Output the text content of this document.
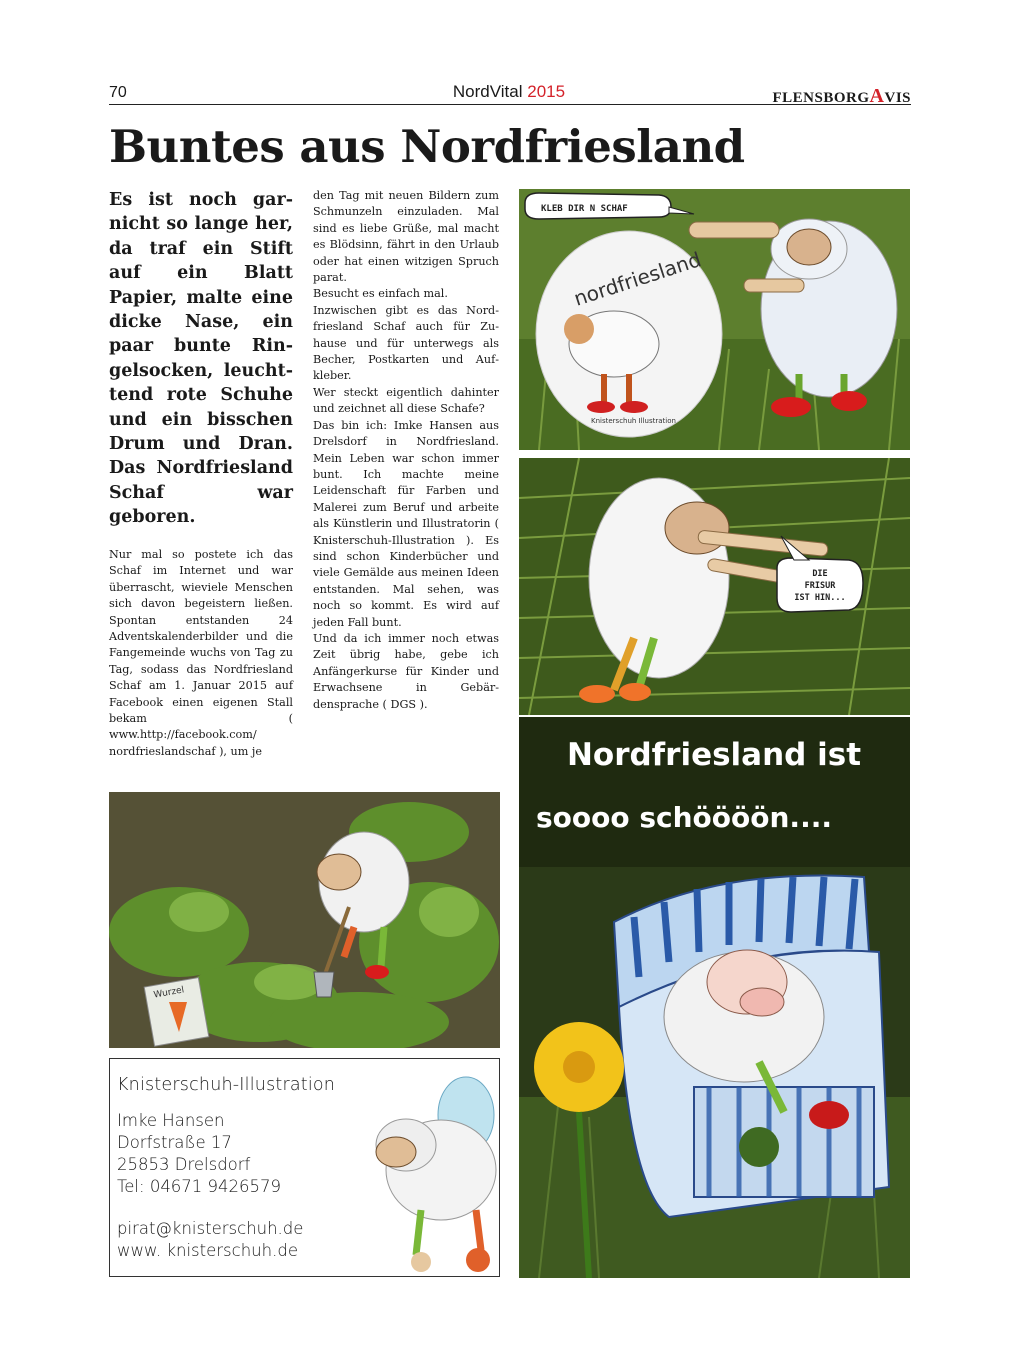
70	NordVital 2015	FLENSBORGAVIS
Buntes aus Nordfriesland

Es ist noch garnicht so lange her, da traf ein Stift auf ein Blatt Papier, malte eine dicke Nase, ein paar bunte Ringelsocken, leuchttend rote Schuhe und ein bisschen Drum und Dran. Das Nordfriesland Schaf war geboren.

Nur mal so postete ich das Schaf im Internet und war überrascht, wieviele Menschen sich davon begeistern ließen. Spontan entstanden 24 Adventskalenderbilder und die Fangemeinde wuchs von Tag zu Tag, sodass das Nordfriesland Schaf am 1. Januar 2015 auf Facebook einen eigenen Stall bekam ( www.http://facebook.com/ nordfrieslandschaf ), um je

den Tag mit neuen Bildern zum Schmunzeln einzuladen. Mal sind es liebe Grüße, mal macht es Blödsinn, fährt in den Urlaub oder hat einen witzigen Spruch parat.

Besucht es einfach mal.

Inzwischen gibt es das Nordfriesland Schaf auch für Zuhause und für unterwegs als Becher, Postkarten und Aufkleber.

Wer steckt eigentlich dahinter und zeichnet all diese Schafe?

Das bin ich: Imke Hansen aus Drelsdorf in Nordfriesland. Mein Leben war schon immer bunt. Ich machte meine Leidenschaft für Farben und Malerei zum Beruf und arbeite als Künstlerin und Illustratorin ( Knisterschuh-Illustration ). Es sind schon Kinderbücher und viele Gemälde aus meinen Ideen entstanden. Mal sehen, was noch so kommt. Es wird auf jeden Fall bunt.

Und da ich immer noch etwas Zeit übrig habe, gebe ich Anfängerkurse für Kinder und Erwachsene in Gebärdensprache ( DGS ).

nordfriesland
Knisterschuh Illustration
KLEB DIR N SCHAF
DIE
FRISUR
IST HIN...
Nordfriesland ist
soooo schöööön....
Wurzel
Knisterschuh-Illustration
Imke Hansen
Dorfstraße 17
25853 Drelsdorf
Tel: 04671 9426579
pirat@knisterschuh.de
www. knisterschuh.de
